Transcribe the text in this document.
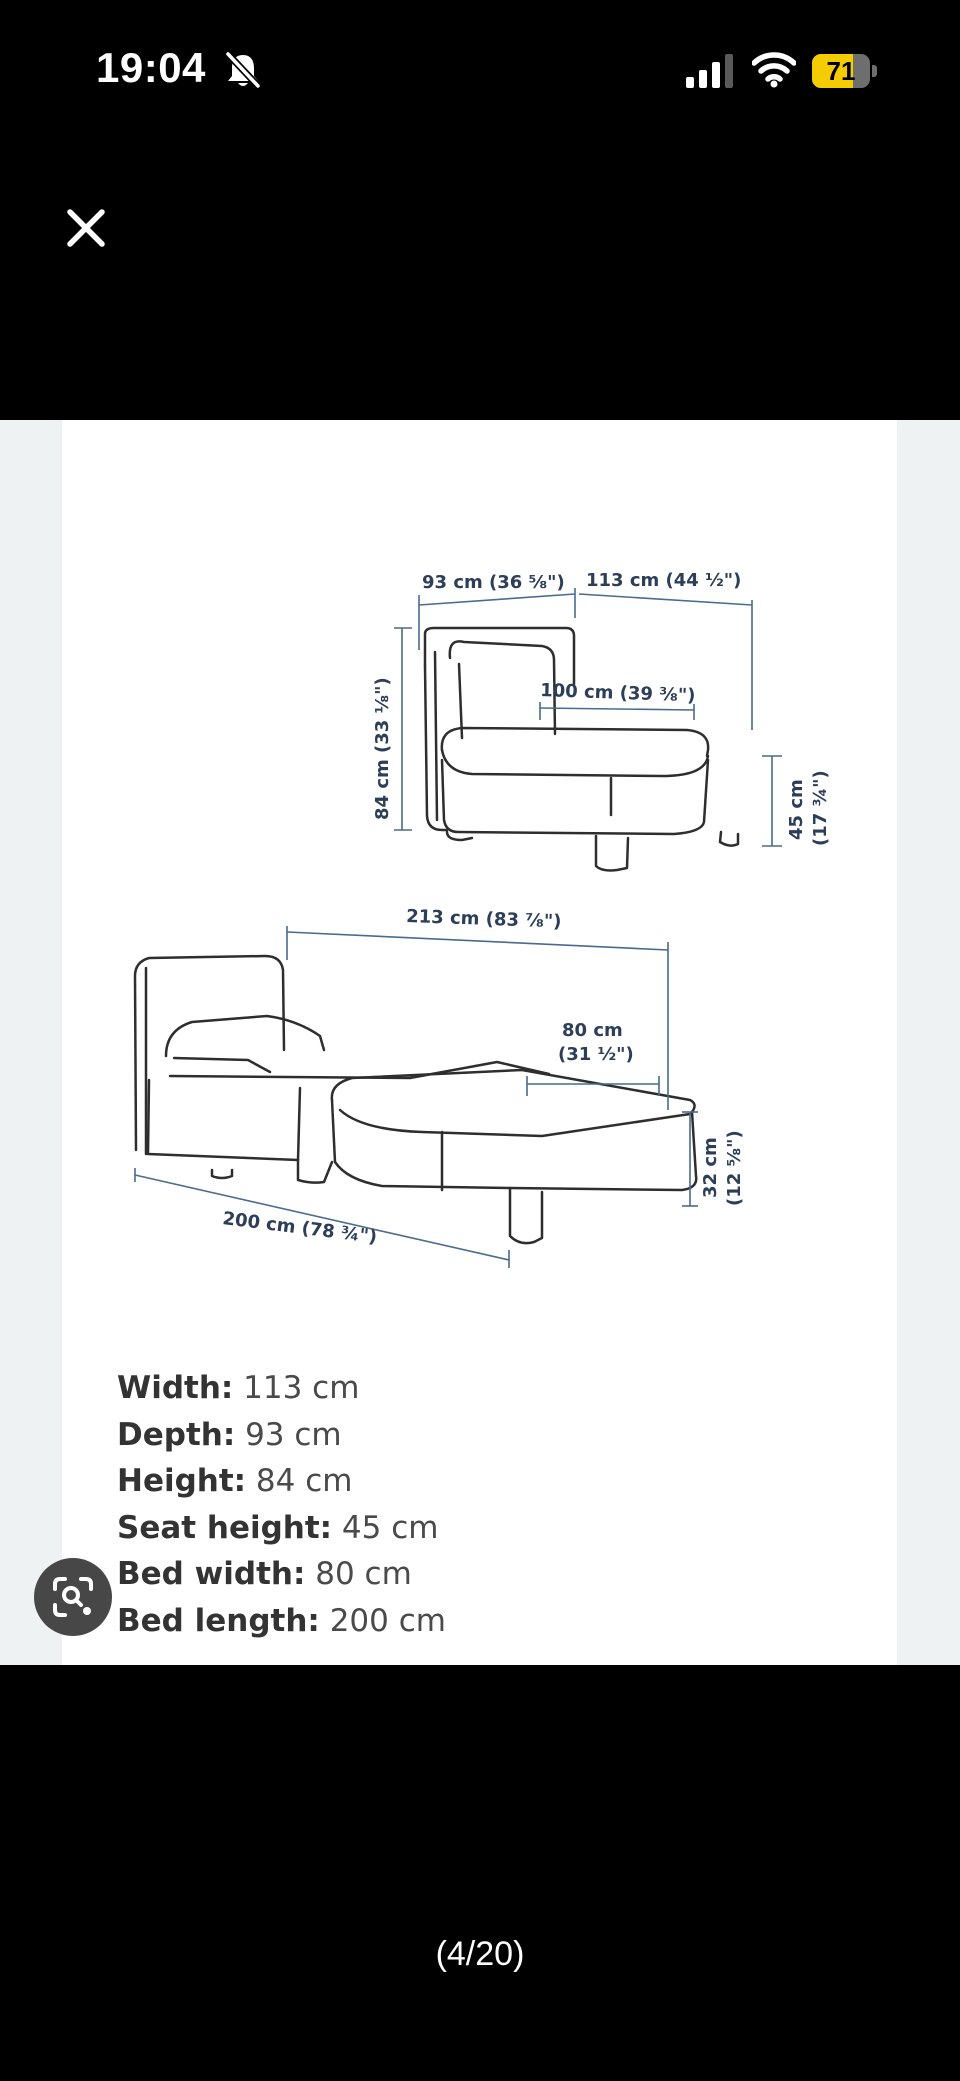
19:04	71
93 cm (36 ⅝") 113 cm (44 ½")
100 cm (39 ⅜")
84 cm (33 ⅛")	45 cm (17 ¾")
213 cm (83 ⅞")
80 cm
(31 ½")
32 cm (12 ⅝")
200 cm (78 ¾")
Width: 113 cm
Depth: 93 cm
Height: 84 cm
Seat height: 45 cm
Bed width: 80 cm
Bed length: 200 cm
(4/20)
